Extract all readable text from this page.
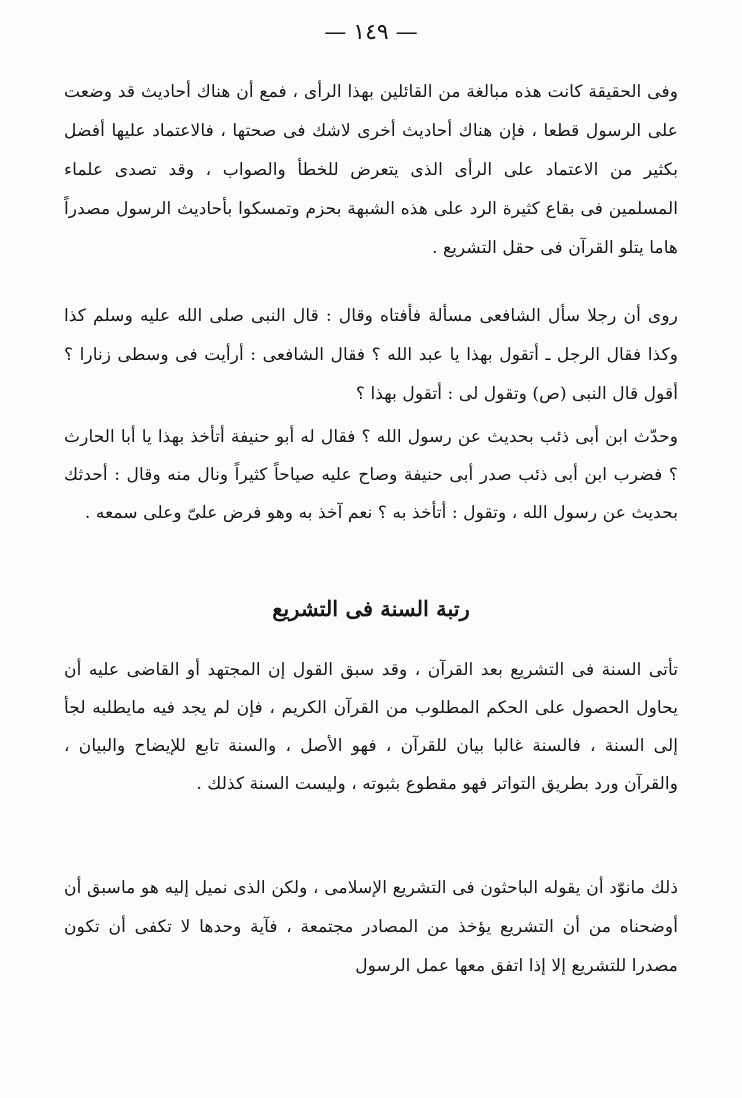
— ١٤٩ —

وفى الحقيقة كانت هذه مبالغة من القائلين بهذا الرأى ، فمع أن هناك أحاديث قد وضعت على الرسول قطعا ، فإن هناك أحاديث أخرى لاشك فى صحتها ، فالاعتماد عليها أفضل بكثير من الاعتماد على الرأى الذى يتعرض للخطأ والصواب ، وقد تصدى علماء المسلمين فى بقاع كثيرة الرد على هذه الشبهة بحزم وتمسكوا بأحاديث الرسول مصدراً هاما يتلو القرآن فى حقل التشريع .

روى أن رجلا سأل الشافعى مسألة فأفتاه وقال : قال النبى صلى الله عليه وسلم كذا وكذا فقال الرجل ـ أتقول بهذا يا عبد الله ؟ فقال الشافعى : أرأيت فى وسطى زنارا ؟ أقول قال النبى (ص) وتقول لى : أتقول بهذا ؟

وحدّث ابن أبى ذئب بحديث عن رسول الله ؟ فقال له أبو حنيفة أتأخذ بهذا يا أبا الحارث ؟ فضرب ابن أبى ذئب صدر أبى حنيفة وصاح عليه صياحاً كثيراً ونال منه وقال : أحدثك بحديث عن رسول الله ، وتقول : أتأخذ به ؟ نعم آخذ به وهو فرض علىّ وعلى سمعه .

رتبة السنة فى التشريع

تأتى السنة فى التشريع بعد القرآن ، وقد سبق القول إن المجتهد أو القاضى عليه أن يحاول الحصول على الحكم المطلوب من القرآن الكريم ، فإن لم يجد فيه مايطلبه لجأ إلى السنة ، فالسنة غالبا بيان للقرآن ، فهو الأصل ، والسنة تابع للإيضاح والبيان ، والقرآن ورد بطريق التواتر فهو مقطوع بثبوته ، وليست السنة كذلك .

ذلك مانوّد أن يقوله الباحثون فى التشريع الإسلامى ، ولكن الذى نميل إليه هو ماسبق أن أوضحناه من أن التشريع يؤخذ من المصادر مجتمعة ، فآية وحدها لا تكفى أن تكون مصدرا للتشريع إلا إذا اتفق معها عمل الرسول
